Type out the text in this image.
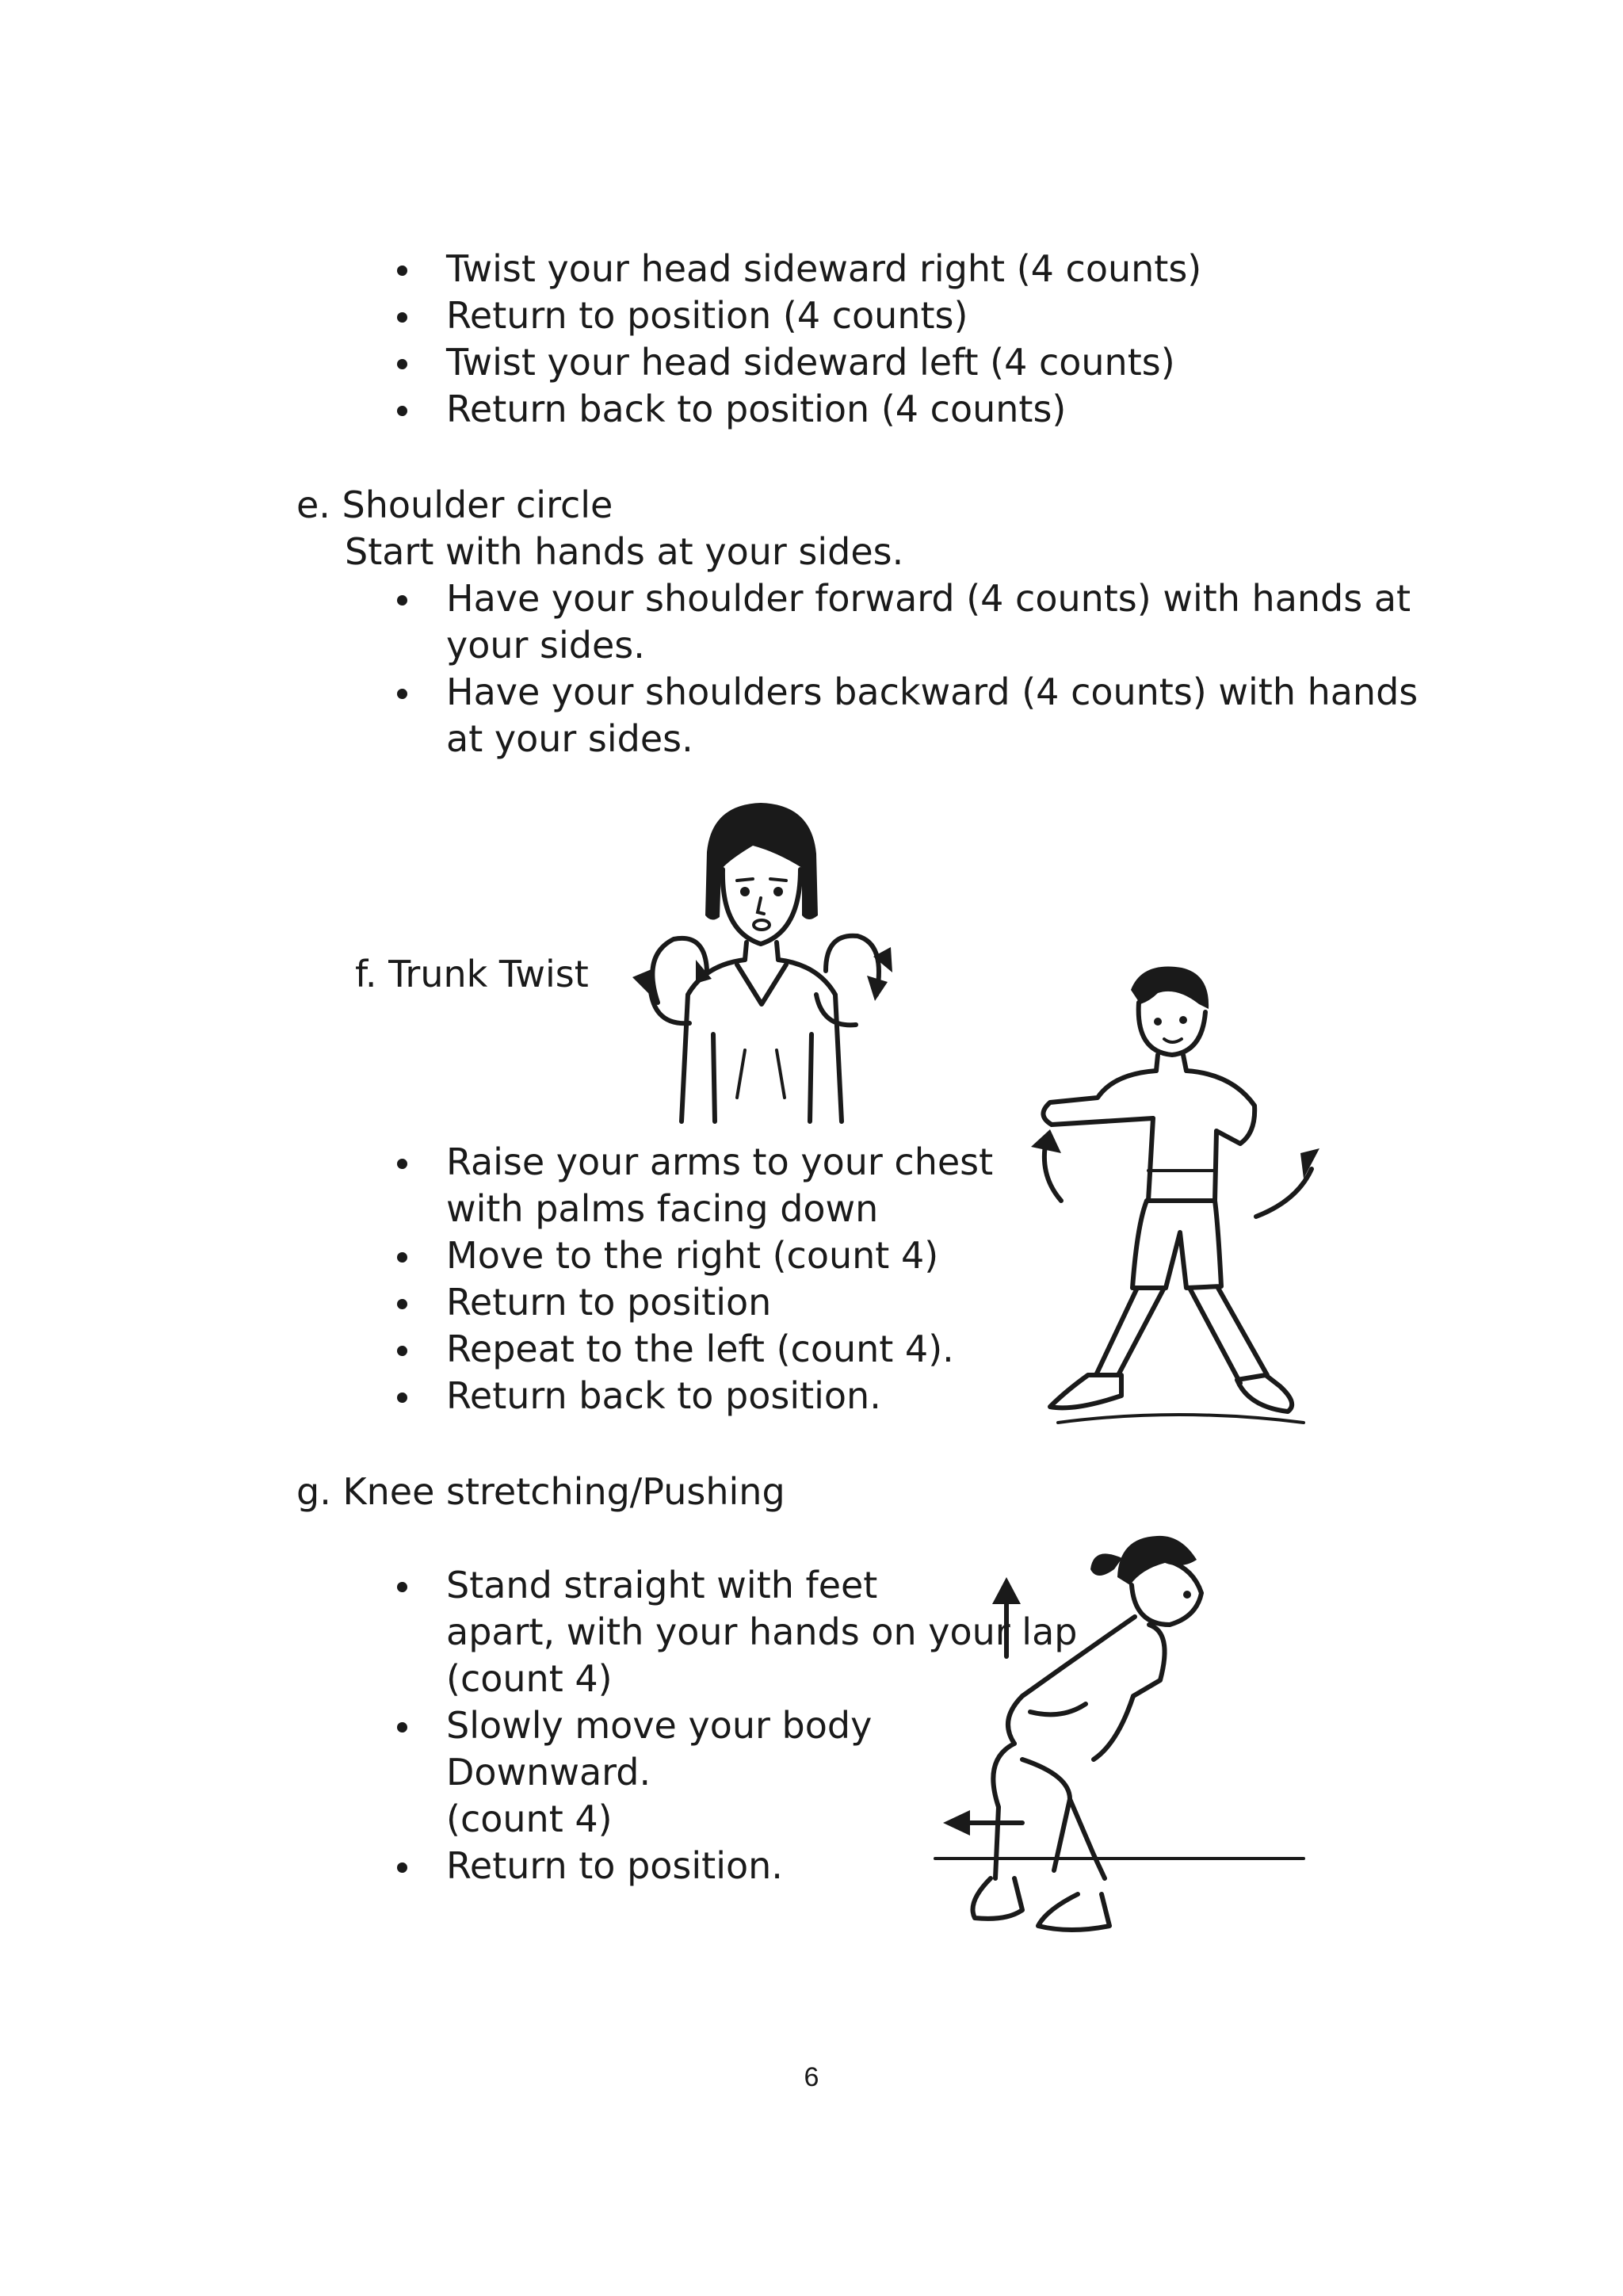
Twist your head sideward right (4 counts)
Return to position (4 counts)
Twist your head sideward left (4 counts)
Return back to position (4 counts)
e. Shoulder circle
Start with hands at your sides.
Have your shoulder forward (4 counts) with hands at
your sides.
Have your shoulders backward (4 counts) with hands
at your sides.
f. Trunk Twist
Raise your arms to your chest
with palms facing down
Move to the right (count 4)
Return to position
Repeat to the left (count 4).
Return back to position.
g. Knee stretching/Pushing
Stand straight with feet
apart, with your hands on your lap
(count 4)
Slowly move your body
Downward.
(count 4)
Return to position.
6
